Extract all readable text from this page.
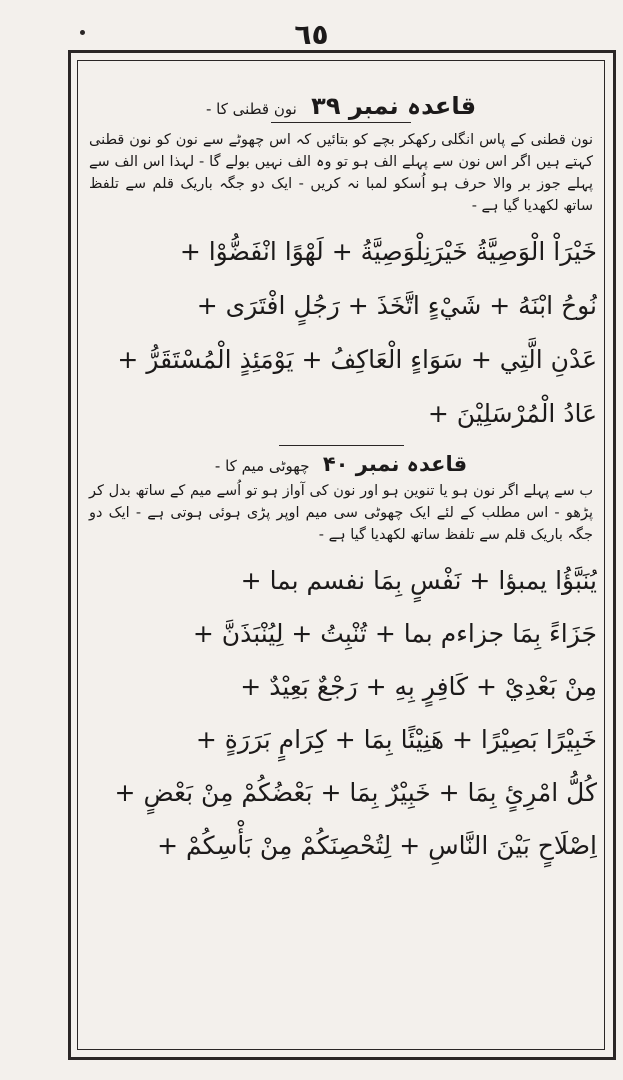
٦٥
قاعدہ نمبر ۳۹ نون قطنی کا -
نون قطنی کے پاس انگلی رکھکر بچے کو بتائیں کہ اس چھوٹے سے نون کو نون قطنی کہتے ہیں اگر اس نون سے پہلے الف ہو تو وہ الف نہیں بولے گا - لہذا اس الف سے پہلے جوز بر والا حرف ہو اُسکو لمبا نہ کریں - ایک دو جگہ باریک قلم سے تلفظ ساتھ لکھدیا گیا ہے -
خَيْرَاْ الْوَصِيَّةُ خَيْرَنِلْوَصِيَّةُ + لَهْوًا انْفَضُّوْا +
نُوحُ ابْنَهُ + شَيْءٍ اتَّخَذَ + رَجُلٍ افْتَرَى +
عَدْنِ الَّتِي + سَوَاءٍ الْعَاكِفُ + يَوْمَئِذٍ الْمُسْتَقَرُّ +
عَادُ الْمُرْسَلِيْنَ +
قاعدہ نمبر ۴۰ چھوٹی میم کا -
ب سے پہلے اگر نون ہو یا تنوین ہو اور نون کی آواز ہو تو اُسے میم کے ساتھ بدل کر پڑھو - اس مطلب کے لئے ایک چھوٹی سی میم اوپر پڑی ہوئی ہوتی ہے - ایک دو جگہ باریک قلم سے تلفظ ساتھ لکھدیا گیا ہے -
يُنَبَّؤُا يمبؤا + نَفْسٍ بِمَا نفسم بما +
جَزَاءً بِمَا جزاءم بما + تُنْبِتُ + لِيُنْبَذَنَّ +
مِنْ بَعْدِيْ + كَافِرٍ بِهِ + رَجْعٌ بَعِيْدٌ +
خَبِيْرًا بَصِيْرًا + هَنِيْئًا بِمَا + كِرَامٍ بَرَرَةٍ +
كُلُّ امْرِئٍ بِمَا + خَبِيْرٌ بِمَا + بَعْضُكُمْ مِنْ بَعْضٍ +
اِصْلَاحٍ بَيْنَ النَّاسِ + لِتُحْصِنَكُمْ مِنْ بَأْسِكُمْ +
